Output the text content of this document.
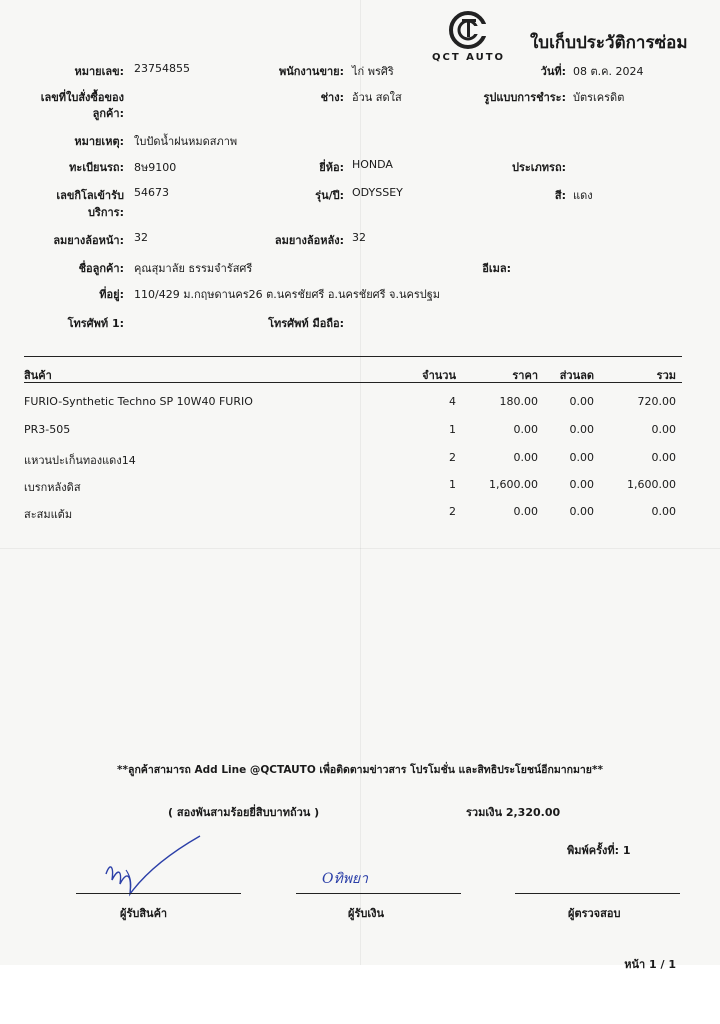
QCT AUTO
ใบเก็บประวัติการซ่อม
หมายเลข: 23754855	พนักงานขาย: ไก่ พรศิริ	วันที่: 08 ต.ค. 2024
เลขที่ใบสั่งซื้อของ
ลูกค้า:
ช่าง: อ้วน สดใส	รูปแบบการชำระ: บัตรเครดิต
หมายเหตุ: ใบปัดน้ำฝนหมดสภาพ
ทะเบียนรถ: 8ษ9100	ยี่ห้อ: HONDA	ประเภทรถ:
เลขกิโลเข้ารับ
บริการ:
54673	รุ่น/ปี: ODYSSEY	สี: แดง
ลมยางล้อหน้า: 32	ลมยางล้อหลัง: 32
ชื่อลูกค้า: คุณสุมาลัย ธรรมจำรัสศรี	อีเมล:
ที่อยู่: 110/429 ม.กฤษดานคร26 ต.นครชัยศรี อ.นครชัยศรี จ.นครปฐม
โทรศัพท์ 1:	โทรศัพท์ มือถือ:
สินค้า	จำนวน	ราคา ส่วนลด	รวม
FURIO-Synthetic Techno SP 10W40 FURIO	4	180.00	0.00	720.00
PR3-505	1	0.00	0.00	0.00
แหวนปะเก็นทองแดง14	2	0.00	0.00	0.00
เบรกหลังดิส	1	1,600.00	0.00	1,600.00
สะสมแต้ม	2	0.00	0.00	0.00
**ลูกค้าสามารถ Add Line @QCTAUTO เพื่อติดตามข่าวสาร โปรโมชั่น และสิทธิประโยชน์อีกมากมาย**
( สองพันสามร้อยยี่สิบบาทถ้วน )	รวมเงิน 2,320.00
พิมพ์ครั้งที่: 1
Oทิพยา
ผู้รับสินค้า	ผู้รับเงิน	ผู้ตรวจสอบ
หน้า 1 / 1
